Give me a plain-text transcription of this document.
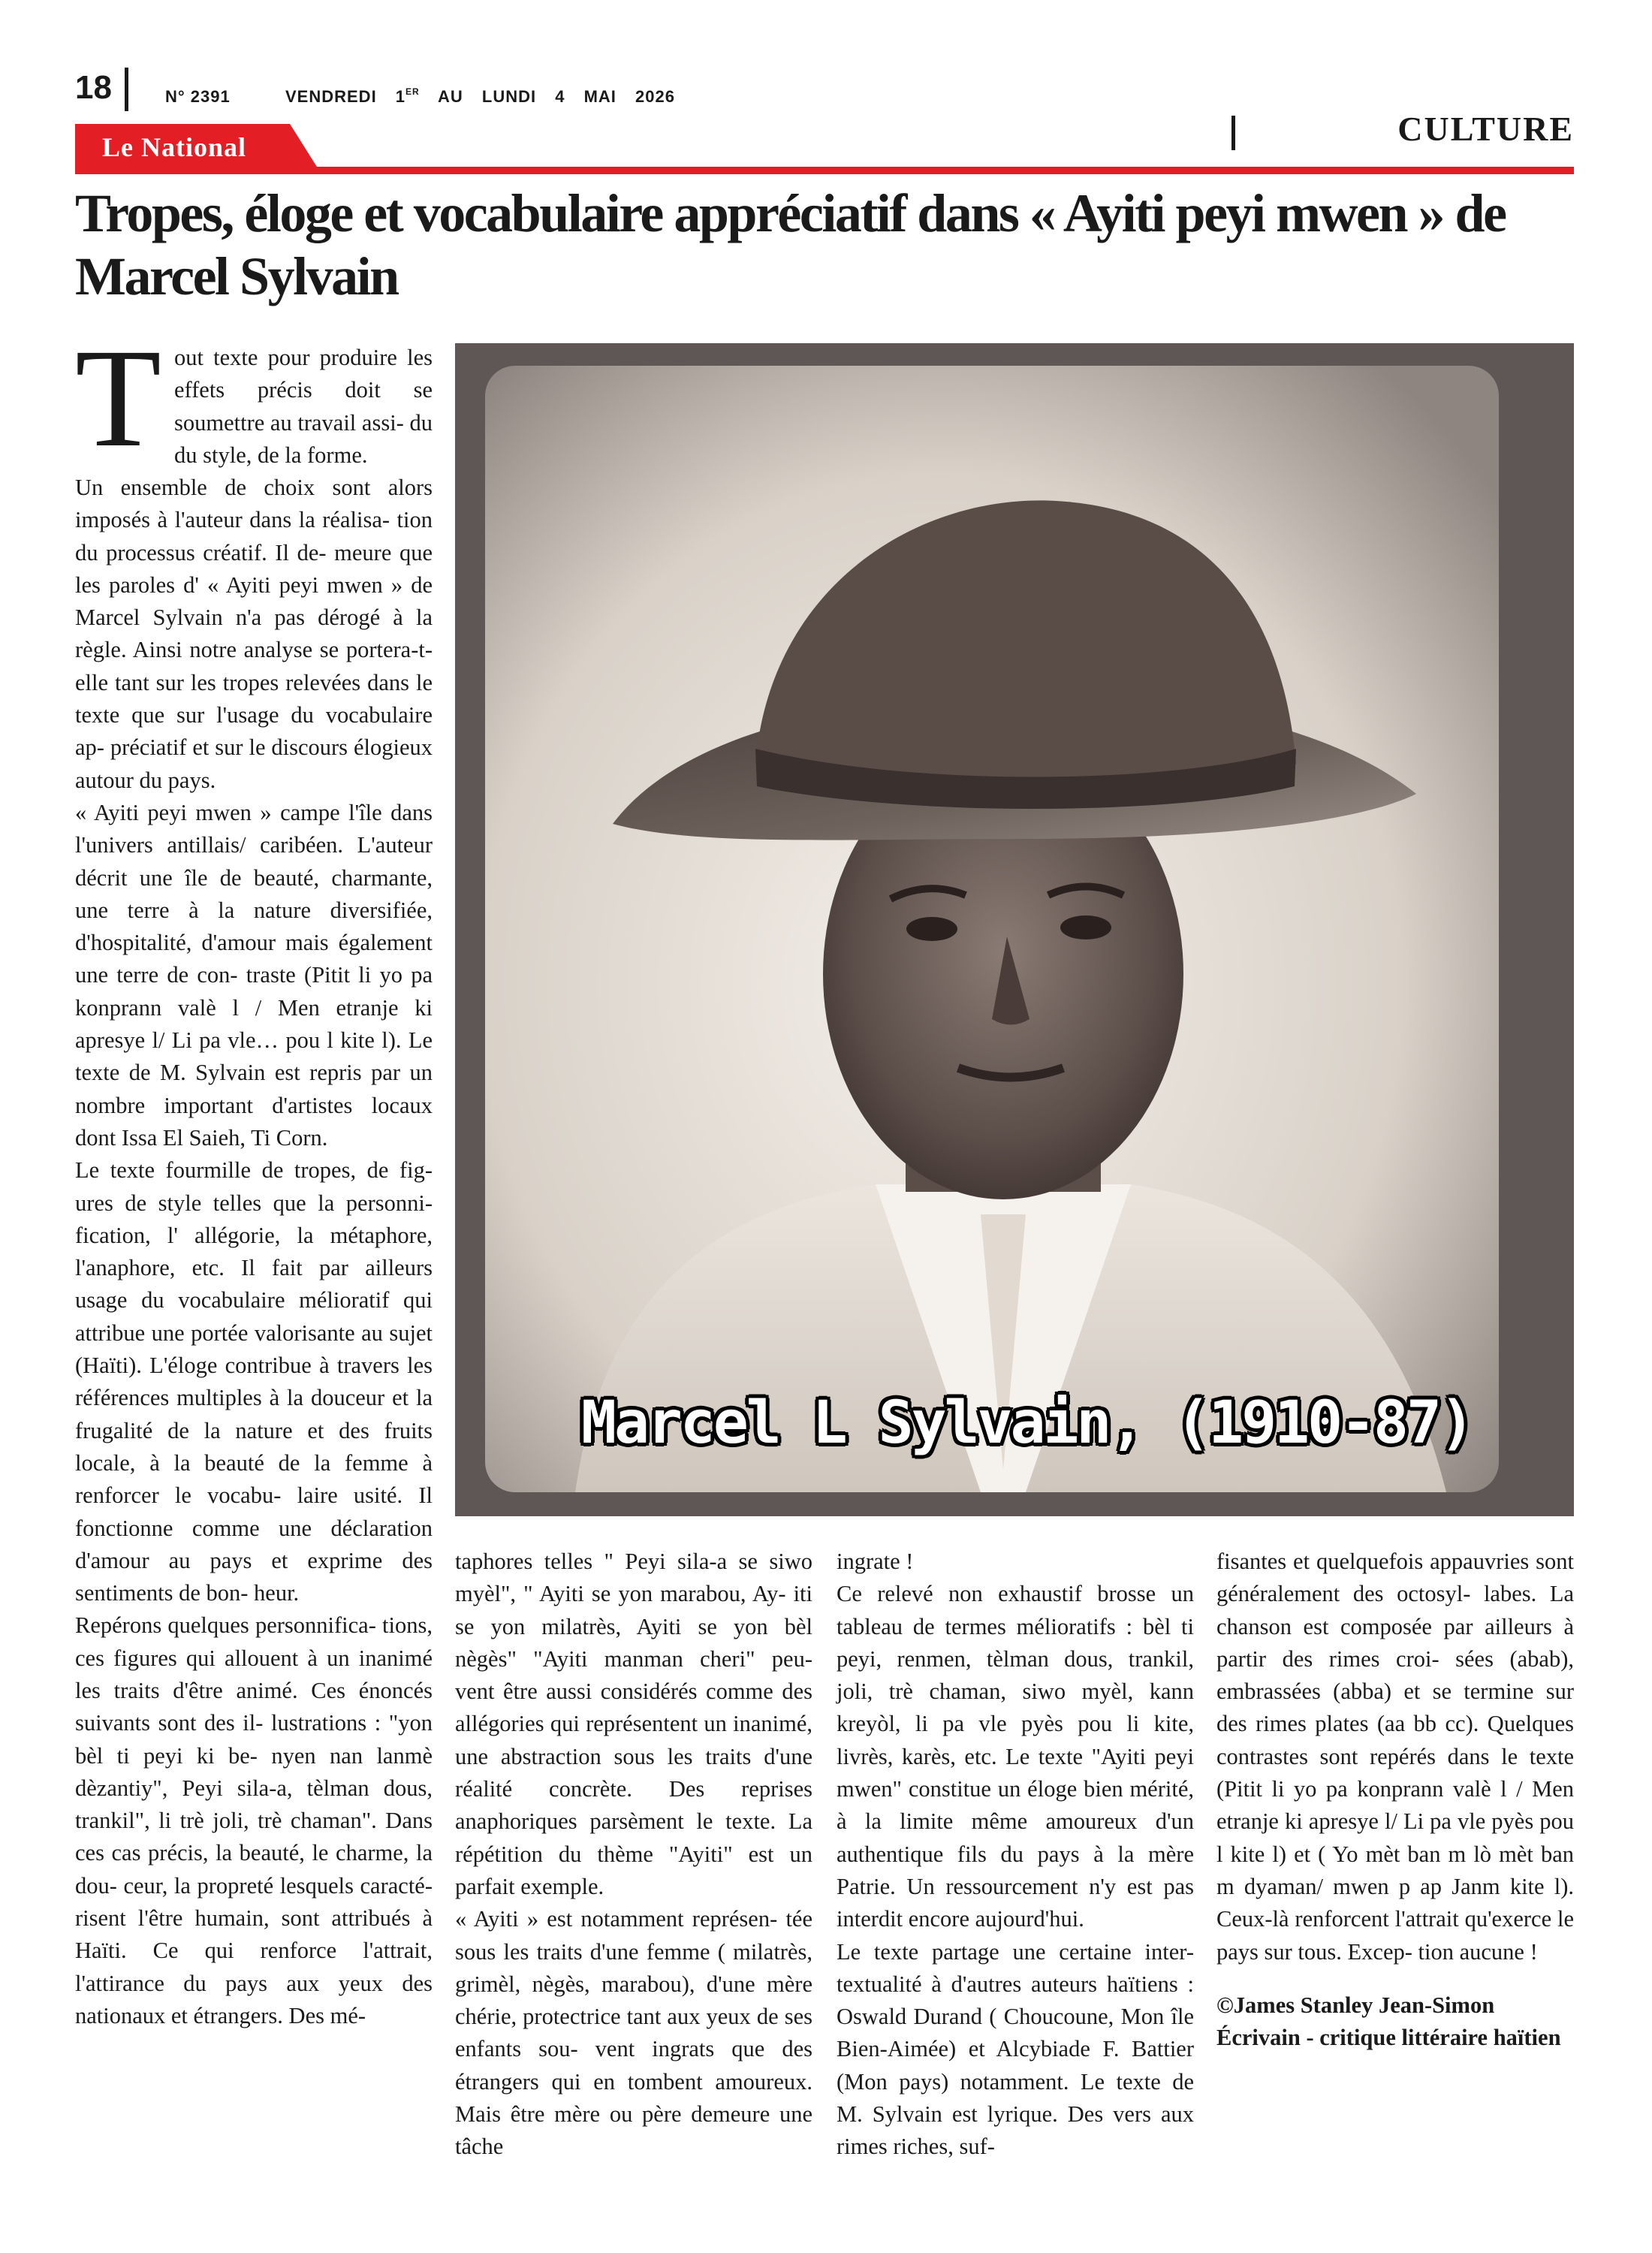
18	N° 2391	VENDREDI 1ER AU LUNDI 4 MAI 2026
CULTURE
Le National
Tropes, éloge et vocabulaire appréciatif dans « Ayiti peyi mwen » de Marcel Sylvain
T out texte pour produire les effets précis doit se soumettre au travail assi- du du style, de la forme.

Un ensemble de choix sont alors imposés à l'auteur dans la réalisa- tion du processus créatif. Il de- meure que les paroles d' « Ayiti peyi mwen » de Marcel Sylvain n'a pas dérogé à la règle. Ainsi notre analyse se portera-t-elle tant sur les tropes relevées dans le texte que sur l'usage du vocabulaire ap- préciatif et sur le discours élogieux autour du pays.

« Ayiti peyi mwen » campe l'île dans l'univers antillais/ caribéen. L'auteur décrit une île de beauté, charmante, une terre à la nature diversifiée, d'hospitalité, d'amour mais également une terre de con- traste (Pitit li yo pa konprann valè l / Men etranje ki apresye l/ Li pa vle… pou l kite l). Le texte de M. Sylvain est repris par un nombre important d'artistes locaux dont Issa El Saieh, Ti Corn.

Le texte fourmille de tropes, de fig- ures de style telles que la personni- fication, l' allégorie, la métaphore, l'anaphore, etc. Il fait par ailleurs usage du vocabulaire mélioratif qui attribue une portée valorisante au sujet (Haïti). L'éloge contribue à travers les références multiples à la douceur et la frugalité de la nature et des fruits locale, à la beauté de la femme à renforcer le vocabu- laire usité. Il fonctionne comme une déclaration d'amour au pays et exprime des sentiments de bon- heur.

Repérons quelques personnifica- tions, ces figures qui allouent à un inanimé les traits d'être animé. Ces énoncés suivants sont des il- lustrations : "yon bèl ti peyi ki be- nyen nan lanmè dèzantiy", Peyi sila-a, tèlman dous, trankil", li trè joli, trè chaman". Dans ces cas précis, la beauté, le charme, la dou- ceur, la propreté lesquels caracté- risent l'être humain, sont attribués à Haïti. Ce qui renforce l'attrait, l'attirance du pays aux yeux des nationaux et étrangers. Des mé-

Marcel L Sylvain, (1910-87)

taphores telles " Peyi sila-a se siwo myèl", " Ayiti se yon marabou, Ay- iti se yon milatrès, Ayiti se yon bèl nègès" "Ayiti manman cheri" peu- vent être aussi considérés comme des allégories qui représentent un inanimé, une abstraction sous les traits d'une réalité concrète. Des reprises anaphoriques parsèment le texte. La répétition du thème "Ayiti" est un parfait exemple.

« Ayiti » est notamment représen- tée sous les traits d'une femme ( milatrès, grimèl, nègès, marabou), d'une mère chérie, protectrice tant aux yeux de ses enfants sou- vent ingrats que des étrangers qui en tombent amoureux. Mais être mère ou père demeure une tâche

ingrate !

Ce relevé non exhaustif brosse un tableau de termes mélioratifs : bèl ti peyi, renmen, tèlman dous, trankil, joli, trè chaman, siwo myèl, kann kreyòl, li pa vle pyès pou li kite, livrès, karès, etc. Le texte "Ayiti peyi mwen" constitue un éloge bien mérité, à la limite même amoureux d'un authentique fils du pays à la mère Patrie. Un ressourcement n'y est pas interdit encore aujourd'hui.

Le texte partage une certaine inter- textualité à d'autres auteurs haïtiens : Oswald Durand ( Choucoune, Mon île Bien-Aimée) et Alcybiade F. Battier (Mon pays) notamment. Le texte de M. Sylvain est lyrique. Des vers aux rimes riches, suf-

fisantes et quelquefois appauvries sont généralement des octosyl- labes. La chanson est composée par ailleurs à partir des rimes croi- sées (abab), embrassées (abba) et se termine sur des rimes plates (aa bb cc). Quelques contrastes sont repérés dans le texte (Pitit li yo pa konprann valè l / Men etranje ki apresye l/ Li pa vle pyès pou l kite l) et ( Yo mèt ban m lò mèt ban m dyaman/ mwen p ap Janm kite l). Ceux-là renforcent l'attrait qu'exerce le pays sur tous. Excep- tion aucune !

©James Stanley Jean-Simon
Écrivain - critique littéraire haïtien
